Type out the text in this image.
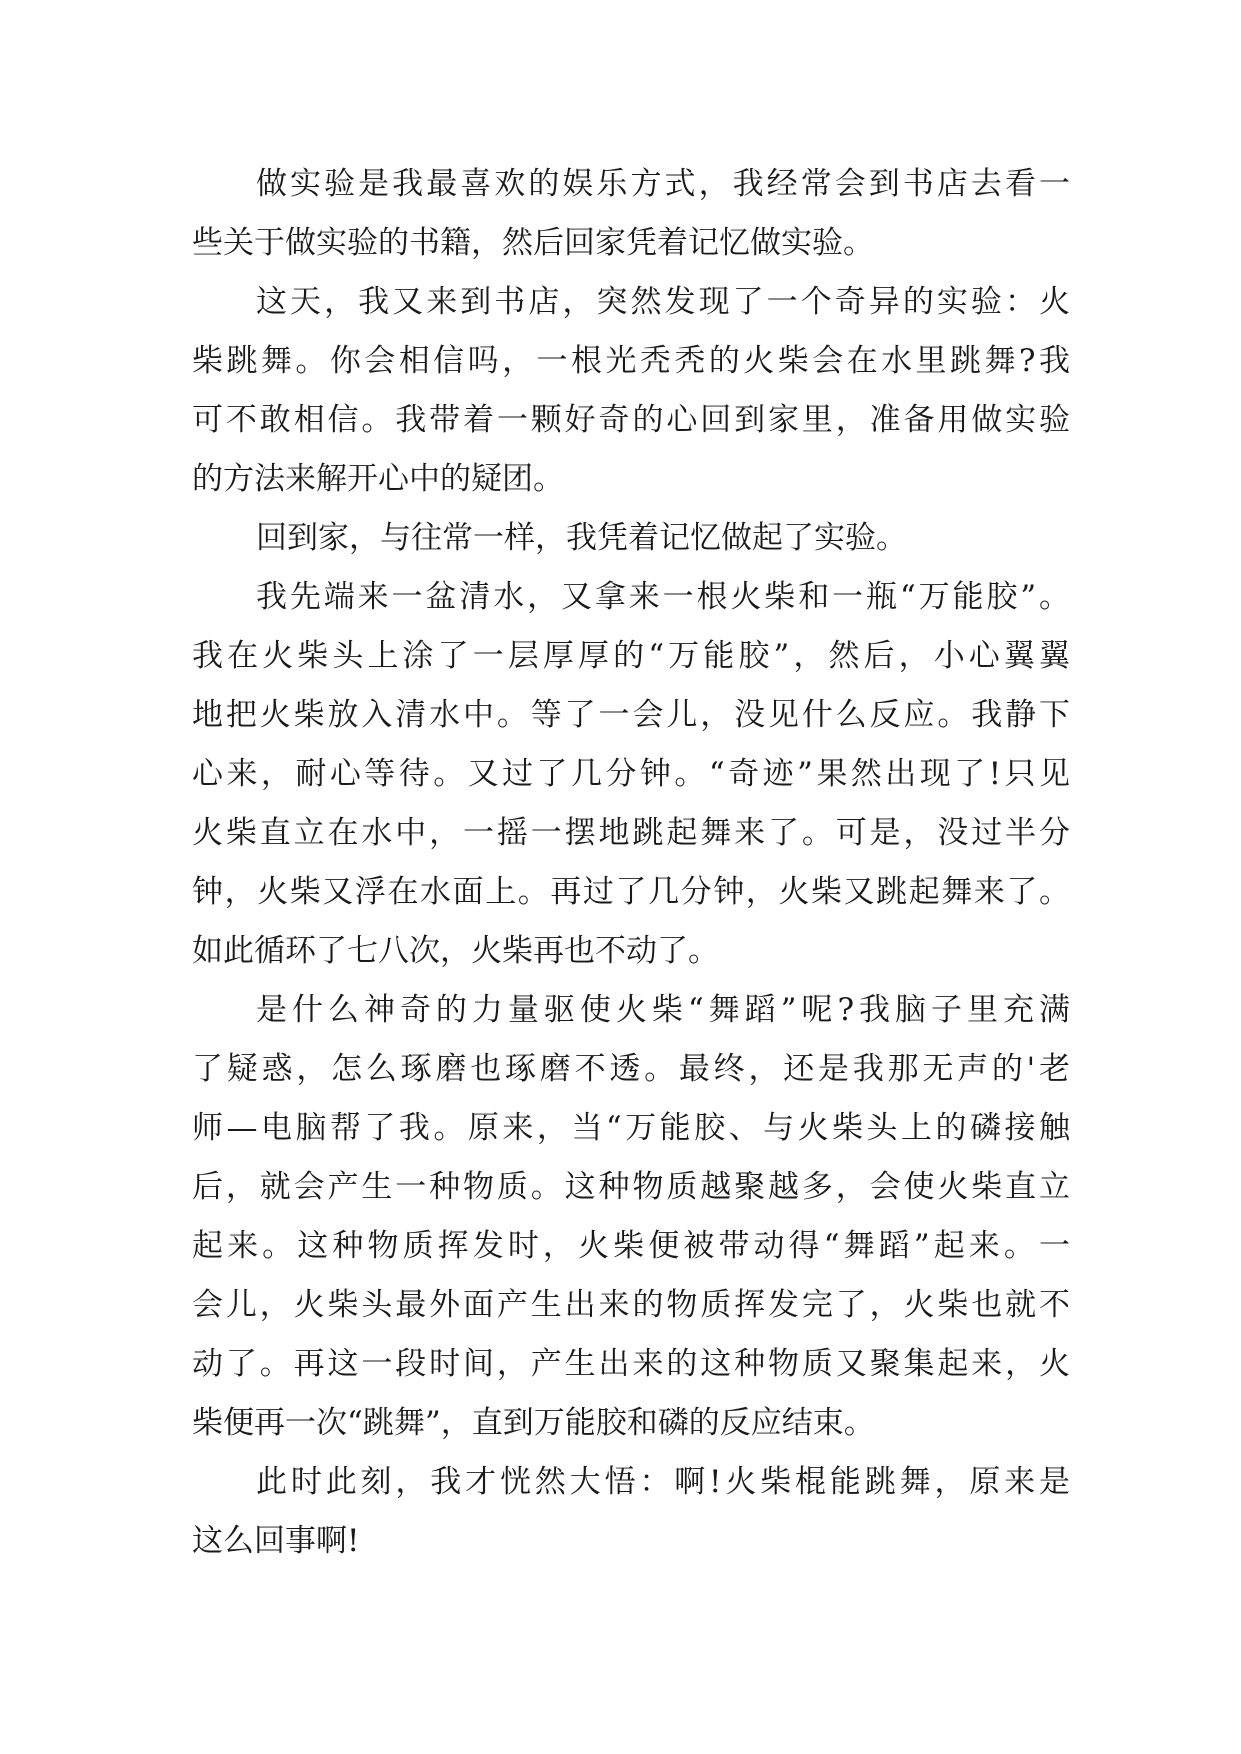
做实验是我最喜欢的娱乐方式，我经常会到书店去看一
些关于做实验的书籍，然后回家凭着记忆做实验。
这天，我又来到书店，突然发现了一个奇异的实验：火
柴跳舞。你会相信吗，一根光秃秃的火柴会在水里跳舞?我
可不敢相信。我带着一颗好奇的心回到家里，准备用做实验
的方法来解开心中的疑团。
回到家，与往常一样，我凭着记忆做起了实验。
我先端来一盆清水，又拿来一根火柴和一瓶“万能胶”。
我在火柴头上涂了一层厚厚的“万能胶”，然后，小心翼翼
地把火柴放入清水中。等了一会儿，没见什么反应。我静下
心来，耐心等待。又过了几分钟。“奇迹”果然出现了!只见
火柴直立在水中，一摇一摆地跳起舞来了。可是，没过半分
钟，火柴又浮在水面上。再过了几分钟，火柴又跳起舞来了。
如此循环了七八次，火柴再也不动了。
是什么神奇的力量驱使火柴“舞蹈”呢?我脑子里充满
了疑惑，怎么琢磨也琢磨不透。最终，还是我那无声的'老
师—电脑帮了我。原来，当“万能胶、与火柴头上的磷接触
后，就会产生一种物质。这种物质越聚越多，会使火柴直立
起来。这种物质挥发时，火柴便被带动得“舞蹈”起来。一
会儿，火柴头最外面产生出来的物质挥发完了，火柴也就不
动了。再这一段时间，产生出来的这种物质又聚集起来，火
柴便再一次“跳舞”，直到万能胶和磷的反应结束。
此时此刻，我才恍然大悟：啊!火柴棍能跳舞，原来是
这么回事啊!
